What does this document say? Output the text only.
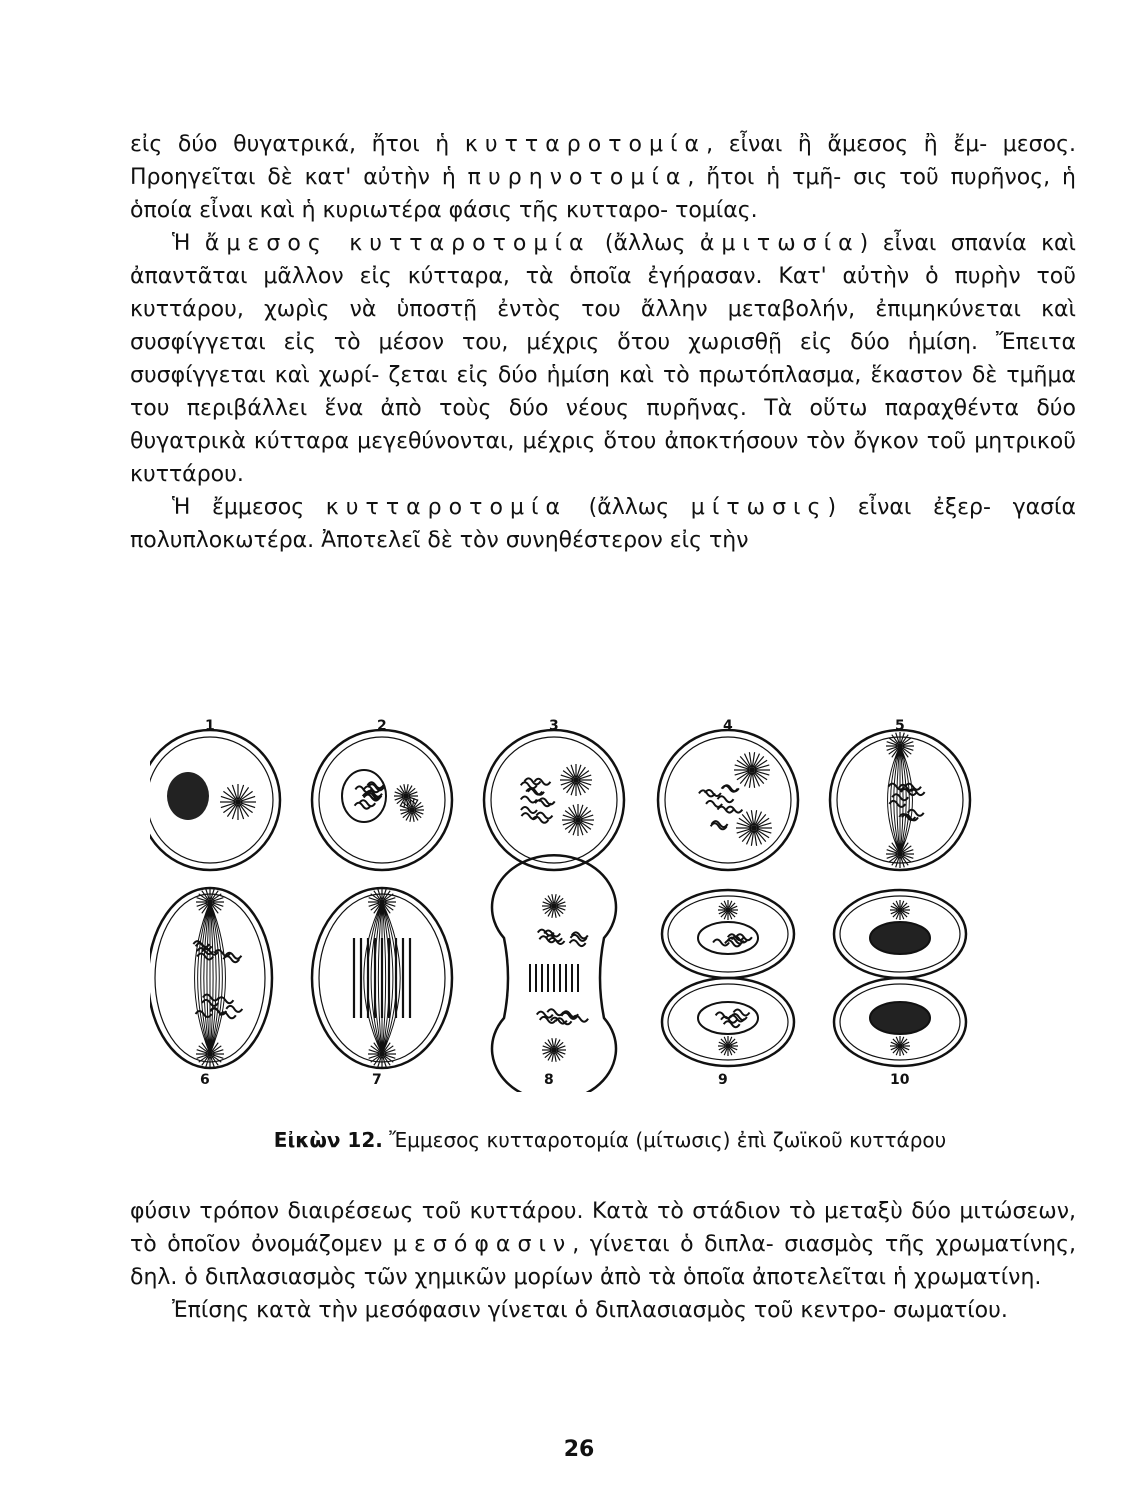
εἰς δύο θυγατρικά, ἤτοι ἡ κυτταροτομία, εἶναι ἢ ἄμεσος ἢ ἔμ- μεσος. Προηγεῖται δὲ κατ' αὐτὴν ἡ πυρηνοτομία, ἤτοι ἡ τμῆ- σις τοῦ πυρῆνος, ἡ ὁποία εἶναι καὶ ἡ κυριωτέρα φάσις τῆς κυτταρο- τομίας.

Ἡ ἄμεσος κυτταροτομία (ἄλλως ἀμιτωσία) εἶναι σπανία καὶ ἀπαντᾶται μᾶλλον εἰς κύτταρα, τὰ ὁποῖα ἐγήρασαν. Κατ' αὐτὴν ὁ πυρὴν τοῦ κυττάρου, χωρὶς νὰ ὑποστῇ ἐντὸς του ἄλλην μεταβολήν, ἐπιμηκύνεται καὶ συσφίγγεται εἰς τὸ μέσον του, μέχρις ὅτου χωρισθῇ εἰς δύο ἡμίση. Ἔπειτα συσφίγγεται καὶ χωρί- ζεται εἰς δύο ἡμίση καὶ τὸ πρωτόπλασμα, ἕκαστον δὲ τμῆμα του περιβάλλει ἕνα ἀπὸ τοὺς δύο νέους πυρῆνας. Τὰ οὕτω παραχθέντα δύο θυγατρικὰ κύτταρα μεγεθύνονται, μέχρις ὅτου ἀποκτήσουν τὸν ὄγκον τοῦ μητρικοῦ κυττάρου.

Ἡ ἔμμεσος κυτταροτομία (ἄλλως μίτωσις) εἶναι ἐξερ- γασία πολυπλοκωτέρα. Ἀποτελεῖ δὲ τὸν συνηθέστερον εἰς τὴν

1	2	3	4	5
6	7	8	9	10
Εἰκὼν 12. Ἔμμεσος κυτταροτομία (μίτωσις) ἐπὶ ζωϊκοῦ κυττάρου

φύσιν τρόπον διαιρέσεως τοῦ κυττάρου. Κατὰ τὸ στάδιον τὸ μεταξὺ δύο μιτώσεων, τὸ ὁποῖον ὀνομάζομεν μεσόφασιν, γίνεται ὁ διπλα- σιασμὸς τῆς χρωματίνης, δηλ. ὁ διπλασιασμὸς τῶν χημικῶν μορίων ἀπὸ τὰ ὁποῖα ἀποτελεῖται ἡ χρωματίνη.

Ἐπίσης κατὰ τὴν μεσόφασιν γίνεται ὁ διπλασιασμὸς τοῦ κεντρο- σωματίου.

26
